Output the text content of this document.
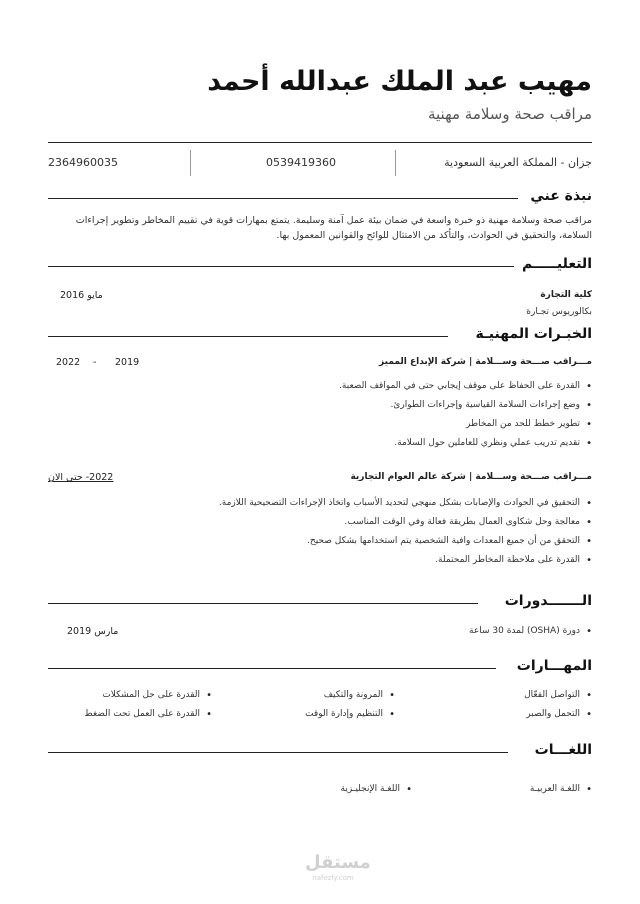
مهيب عبد الملك عبدالله أحمد
مراقب صحة وسلامة مهنية
جزان - المملكة العربية السعودية
0539419360
2364960035
نبذة عني
مراقب صحة وسلامة مهنية ذو خبرة واسعة في ضمان بيئة عمل آمنة وسليمة. يتمتع بمهارات قوية في تقييم المخاطر وتطوير إجراءات السلامة، والتحقيق في الحوادث، والتأكد من الامتثال للوائح والقوانين المعمول بها.
التعليـــــم
كلية التجارة
بكالوريوس تجـارة
مايو 2016
الخبـرات المهنيـة
مـــراقب صـــحة وســـلامة | شركة الإبداع المميز
2022 - 2019
• القدرة على الحفاظ على موقف إيجابي حتى في المواقف الصعبة.
• وضع إجراءات السلامة القياسية وإجراءات الطوارئ.
• تطوير خطط للحد من المخاطر
• تقديم تدريب عملي ونظري للعاملين حول السلامة.
مـــراقب صـــحة وســـلامة | شركة عالم العوام التجارية
2022- حتى الان
• التحقيق في الحوادث والإصابات بشكل منهجي لتحديد الأسباب واتخاذ الإجراءات التصحيحية اللازمة.
• معالجة وحل شكاوى العمال بطريقة فعالة وفي الوقت المناسب.
• التحقق من أن جميع المعدات وافية الشخصية يتم استخدامها بشكل صحيح.
• القدرة على ملاحظة المخاطر المحتملة.
الـــــــدورات
• دورة (OSHA) لمدة 30 ساعة
مارس 2019
المهـــارات
• التواصل الفعّال
• التحمل والصبر
• المرونة والتكيف
• التنظيم وإدارة الوقت
• القدرة على حل المشكلات
• القدرة على العمل تحت الضغط
اللغـــات
• اللغـة العربيـة
• اللغـة الإنجليـزية
مستقل
nafezly.com
